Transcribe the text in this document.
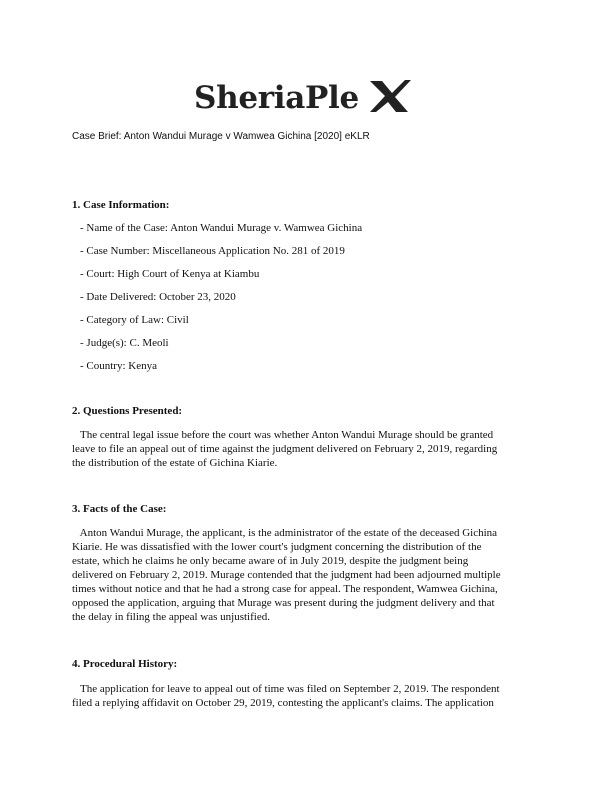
SheriaPle
Case Brief: Anton Wandui Murage v Wamwea Gichina [2020] eKLR
1. Case Information:
- Name of the Case: Anton Wandui Murage v. Wamwea Gichina
- Case Number: Miscellaneous Application No. 281 of 2019
- Court: High Court of Kenya at Kiambu
- Date Delivered: October 23, 2020
- Category of Law: Civil
- Judge(s): C. Meoli
- Country: Kenya
2. Questions Presented:

The central legal issue before the court was whether Anton Wandui Murage should be granted
leave to file an appeal out of time against the judgment delivered on February 2, 2019, regarding
the distribution of the estate of Gichina Kiarie.

3. Facts of the Case:

Anton Wandui Murage, the applicant, is the administrator of the estate of the deceased Gichina
Kiarie. He was dissatisfied with the lower court's judgment concerning the distribution of the
estate, which he claims he only became aware of in July 2019, despite the judgment being
delivered on February 2, 2019. Murage contended that the judgment had been adjourned multiple
times without notice and that he had a strong case for appeal. The respondent, Wamwea Gichina,
opposed the application, arguing that Murage was present during the judgment delivery and that
the delay in filing the appeal was unjustified.

4. Procedural History:

The application for leave to appeal out of time was filed on September 2, 2019. The respondent
filed a replying affidavit on October 29, 2019, contesting the applicant's claims. The application
